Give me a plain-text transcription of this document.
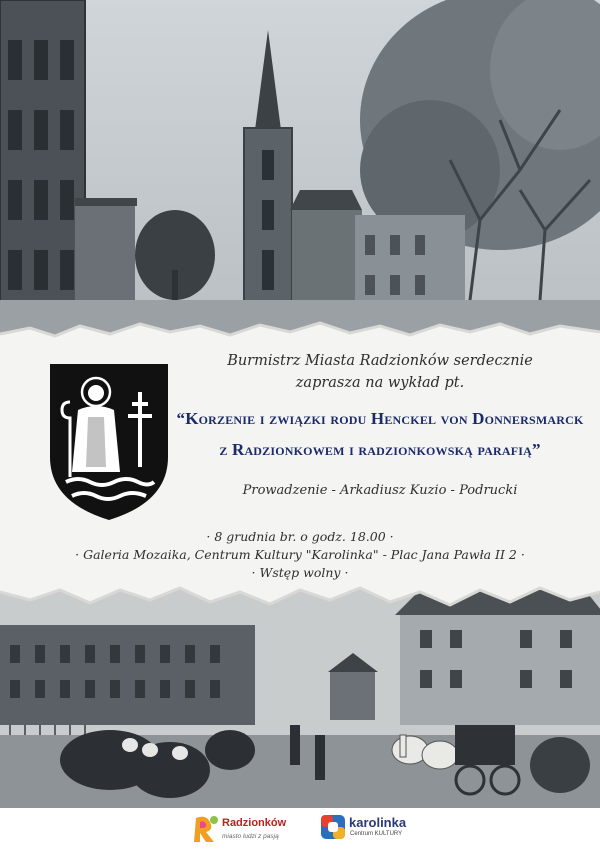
Burmistrz Miasta Radzionków serdecznie
zaprasza na wykład pt.
“Korzenie i związki rodu Henckel von Donnersmarck
z Radzionkowem i radzionkowską parafią”
Prowadzenie - Arkadiusz Kuzio - Podrucki
· 8 grudnia br. o godz. 18.00 ·
· Galeria Mozaika, Centrum Kultury "Karolinka" - Plac Jana Pawła II 2 ·
· Wstęp wolny ·
Radzionków
miasto ludzi z pasją
karolinka
Centrum KULTURY
